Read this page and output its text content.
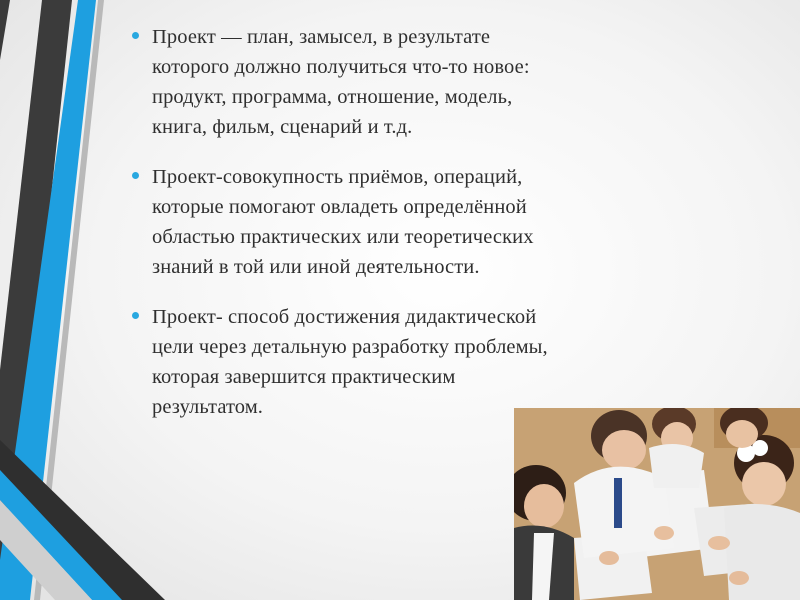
Проект — план, замысел, в результате
которого должно получиться что-то новое:
продукт, программа, отношение, модель,
книга, фильм, сценарий и т.д.
Проект-совокупность приёмов, операций,
которые помогают овладеть определённой
областью практических или теоретических
знаний в той или иной деятельности.
Проект- способ достижения дидактической
цели через детальную разработку проблемы,
которая завершится практическим
результатом.
